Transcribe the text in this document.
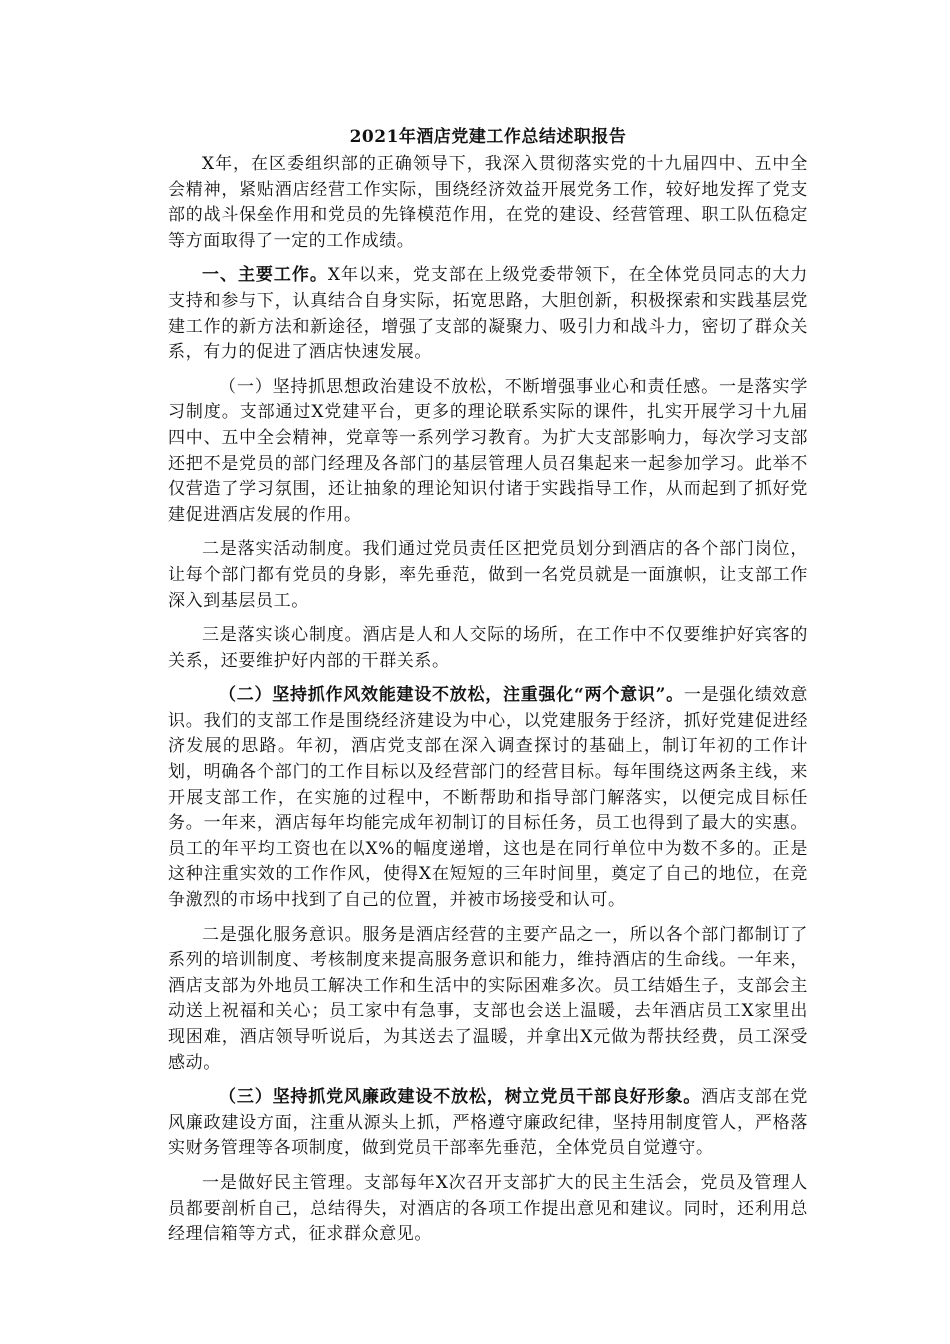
2021年酒店党建工作总结述职报告

X年，在区委组织部的正确领导下，我深入贯彻落实党的十九届四中、五中全会精神，紧贴酒店经营工作实际，围绕经济效益开展党务工作，较好地发挥了党支部的战斗保垒作用和党员的先锋模范作用，在党的建设、经营管理、职工队伍稳定等方面取得了一定的工作成绩。

一、主要工作。X年以来，党支部在上级党委带领下，在全体党员同志的大力支持和参与下，认真结合自身实际，拓宽思路，大胆创新，积极探索和实践基层党建工作的新方法和新途径，增强了支部的凝聚力、吸引力和战斗力，密切了群众关系，有力的促进了酒店快速发展。

（一）坚持抓思想政治建设不放松，不断增强事业心和责任感。一是落实学习制度。支部通过X党建平台，更多的理论联系实际的课件，扎实开展学习十九届四中、五中全会精神，党章等一系列学习教育。为扩大支部影响力，每次学习支部还把不是党员的部门经理及各部门的基层管理人员召集起来一起参加学习。此举不仅营造了学习氛围，还让抽象的理论知识付诸于实践指导工作，从而起到了抓好党建促进酒店发展的作用。

二是落实活动制度。我们通过党员责任区把党员划分到酒店的各个部门岗位，让每个部门都有党员的身影，率先垂范，做到一名党员就是一面旗帜，让支部工作深入到基层员工。

三是落实谈心制度。酒店是人和人交际的场所，在工作中不仅要维护好宾客的关系，还要维护好内部的干群关系。

（二）坚持抓作风效能建设不放松，注重强化“两个意识”。一是强化绩效意识。我们的支部工作是围绕经济建设为中心，以党建服务于经济，抓好党建促进经济发展的思路。年初，酒店党支部在深入调查探讨的基础上，制订年初的工作计划，明确各个部门的工作目标以及经营部门的经营目标。每年围绕这两条主线，来开展支部工作，在实施的过程中，不断帮助和指导部门解落实，以便完成目标任务。一年来，酒店每年均能完成年初制订的目标任务，员工也得到了最大的实惠。员工的年平均工资也在以X%的幅度递增，这也是在同行单位中为数不多的。正是这种注重实效的工作作风，使得X在短短的三年时间里，奠定了自己的地位，在竞争激烈的市场中找到了自己的位置，并被市场接受和认可。

二是强化服务意识。服务是酒店经营的主要产品之一，所以各个部门都制订了系列的培训制度、考核制度来提高服务意识和能力，维持酒店的生命线。一年来，酒店支部为外地员工解决工作和生活中的实际困难多次。员工结婚生子，支部会主动送上祝福和关心；员工家中有急事，支部也会送上温暖，去年酒店员工X家里出现困难，酒店领导听说后，为其送去了温暖，并拿出X元做为帮扶经费，员工深受感动。

（三）坚持抓党风廉政建设不放松，树立党员干部良好形象。酒店支部在党风廉政建设方面，注重从源头上抓，严格遵守廉政纪律，坚持用制度管人，严格落实财务管理等各项制度，做到党员干部率先垂范，全体党员自觉遵守。

一是做好民主管理。支部每年X次召开支部扩大的民主生活会，党员及管理人员都要剖析自己，总结得失，对酒店的各项工作提出意见和建议。同时，还利用总经理信箱等方式，征求群众意见。
